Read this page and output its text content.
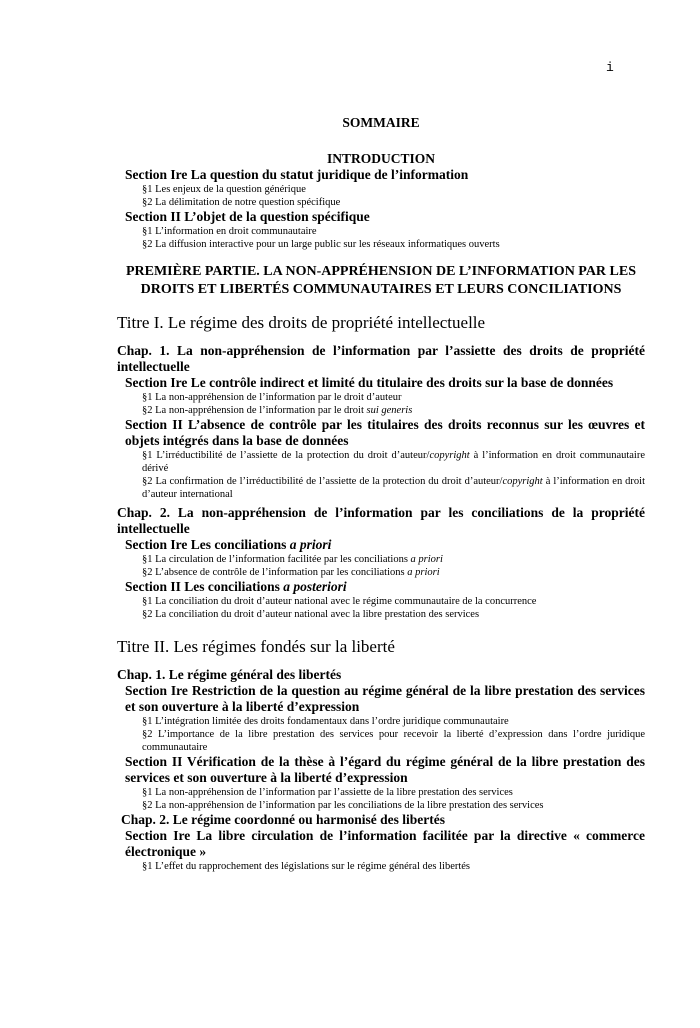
i
SOMMAIRE
INTRODUCTION
Section Ire La question du statut juridique de l’information
§1 Les enjeux de la question générique
§2 La délimitation de notre question spécifique
Section II L’objet de la question spécifique
§1 L’information en droit communautaire
§2 La diffusion interactive pour un large public sur les réseaux informatiques ouverts
PREMIÈRE PARTIE. LA NON-APPRÉHENSION DE L’INFORMATION PAR LES DROITS ET LIBERTÉS COMMUNAUTAIRES ET LEURS CONCILIATIONS
Titre I. Le régime des droits de propriété intellectuelle
Chap. 1. La non-appréhension de l’information par l’assiette des droits de propriété intellectuelle
Section Ire Le contrôle indirect et limité du titulaire des droits sur la base de données
§1 La non-appréhension de l’information par le droit d’auteur
§2 La non-appréhension de l’information par le droit sui generis
Section II L’absence de contrôle par les titulaires des droits reconnus sur les œuvres et objets intégrés dans la base de données
§1 L’irréductibilité de l’assiette de la protection du droit d’auteur/copyright à l’information en droit communautaire dérivé
§2 La confirmation de l’irréductibilité de l’assiette de la protection du droit d’auteur/copyright à l’information en droit d’auteur international
Chap. 2. La non-appréhension de l’information par les conciliations de la propriété intellectuelle
Section Ire Les conciliations a priori
§1 La circulation de l’information facilitée par les conciliations a priori
§2 L’absence de contrôle de l’information par les conciliations a priori
Section II Les conciliations a posteriori
§1 La conciliation du droit d’auteur national avec le régime communautaire de la concurrence
§2 La conciliation du droit d’auteur national avec la libre prestation des services
Titre II. Les régimes fondés sur la liberté
Chap. 1. Le régime général des libertés
Section Ire Restriction de la question au régime général de la libre prestation des services et son ouverture à la liberté d’expression
§1 L’intégration limitée des droits fondamentaux dans l’ordre juridique communautaire
§2 L’importance de la libre prestation des services pour recevoir la liberté d’expression dans l’ordre juridique communautaire
Section II Vérification de la thèse à l’égard du régime général de la libre prestation des services et son ouverture à la liberté d’expression
§1 La non-appréhension de l’information par l’assiette de la libre prestation des services
§2 La non-appréhension de l’information par les conciliations de la libre prestation des services
Chap. 2. Le régime coordonné ou harmonisé des libertés
Section Ire La libre circulation de l’information facilitée par la directive « commerce électronique »
§1 L’effet du rapprochement des législations sur le régime général des libertés
